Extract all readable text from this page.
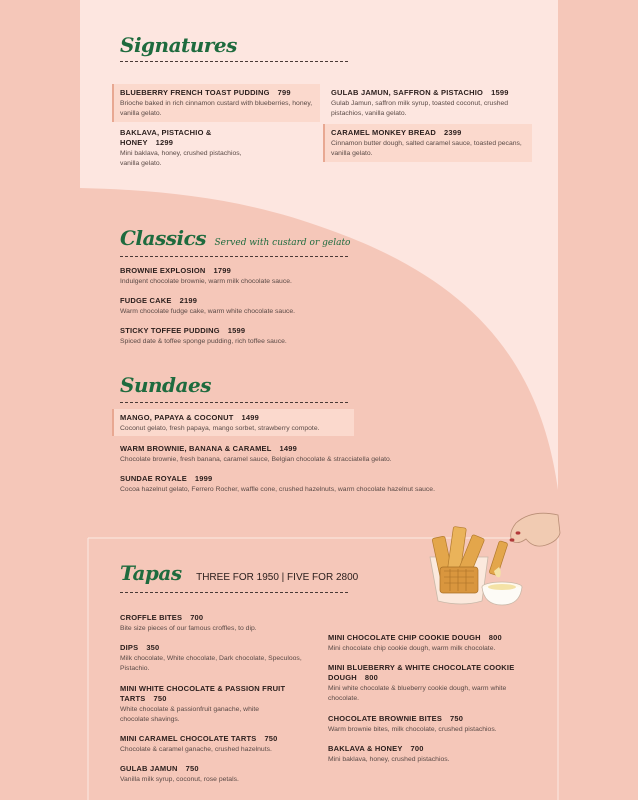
Signatures
BLUEBERRY FRENCH TOAST PUDDING 799
Brioche baked in rich cinnamon custard with blueberries, honey, vanilla gelato.
GULAB JAMUN, SAFFRON & PISTACHIO 1599
Gulab Jamun, saffron milk syrup, toasted coconut, crushed pistachios, vanilla gelato.
BAKLAVA, PISTACHIO & HONEY 1299
Mini baklava, honey, crushed pistachios, vanilla gelato.
CARAMEL MONKEY BREAD 2399
Cinnamon butter dough, salted caramel sauce, toasted pecans, vanilla gelato.
Classics Served with custard or gelato
BROWNIE EXPLOSION 1799
Indulgent chocolate brownie, warm milk chocolate sauce.
FUDGE CAKE 2199
Warm chocolate fudge cake, warm white chocolate sauce.
STICKY TOFFEE PUDDING 1599
Spiced date & toffee sponge pudding, rich toffee sauce.
Sundaes
MANGO, PAPAYA & COCONUT 1499
Coconut gelato, fresh papaya, mango sorbet, strawberry compote.
WARM BROWNIE, BANANA & CARAMEL 1499
Chocolate brownie, fresh banana, caramel sauce, Belgian chocolate & stracciatella gelato.
SUNDAE ROYALE 1999
Cocoa hazelnut gelato, Ferrero Rocher, waffle cone, crushed hazelnuts, warm chocolate hazelnut sauce.
Tapas THREE FOR 1950 | FIVE FOR 2800
CROFFLE BITES 700
Bite size pieces of our famous croffles, to dip.
DIPS 350
Milk chocolate, White chocolate, Dark chocolate, Speculoos, Pistachio.
MINI WHITE CHOCOLATE & PASSION FRUIT TARTS 750
White chocolate & passionfruit ganache, white chocolate shavings.
MINI CARAMEL CHOCOLATE TARTS 750
Chocolate & caramel ganache, crushed hazelnuts.
GULAB JAMUN 750
Vanilla milk syrup, coconut, rose petals.
MINI CHOCOLATE CHIP COOKIE DOUGH 800
Mini chocolate chip cookie dough, warm milk chocolate.
MINI BLUEBERRY & WHITE CHOCOLATE COOKIE DOUGH 800
Mini white chocolate & blueberry cookie dough, warm white chocolate.
CHOCOLATE BROWNIE BITES 750
Warm brownie bites, milk chocolate, crushed pistachios.
BAKLAVA & HONEY 700
Mini baklava, honey, crushed pistachios.
